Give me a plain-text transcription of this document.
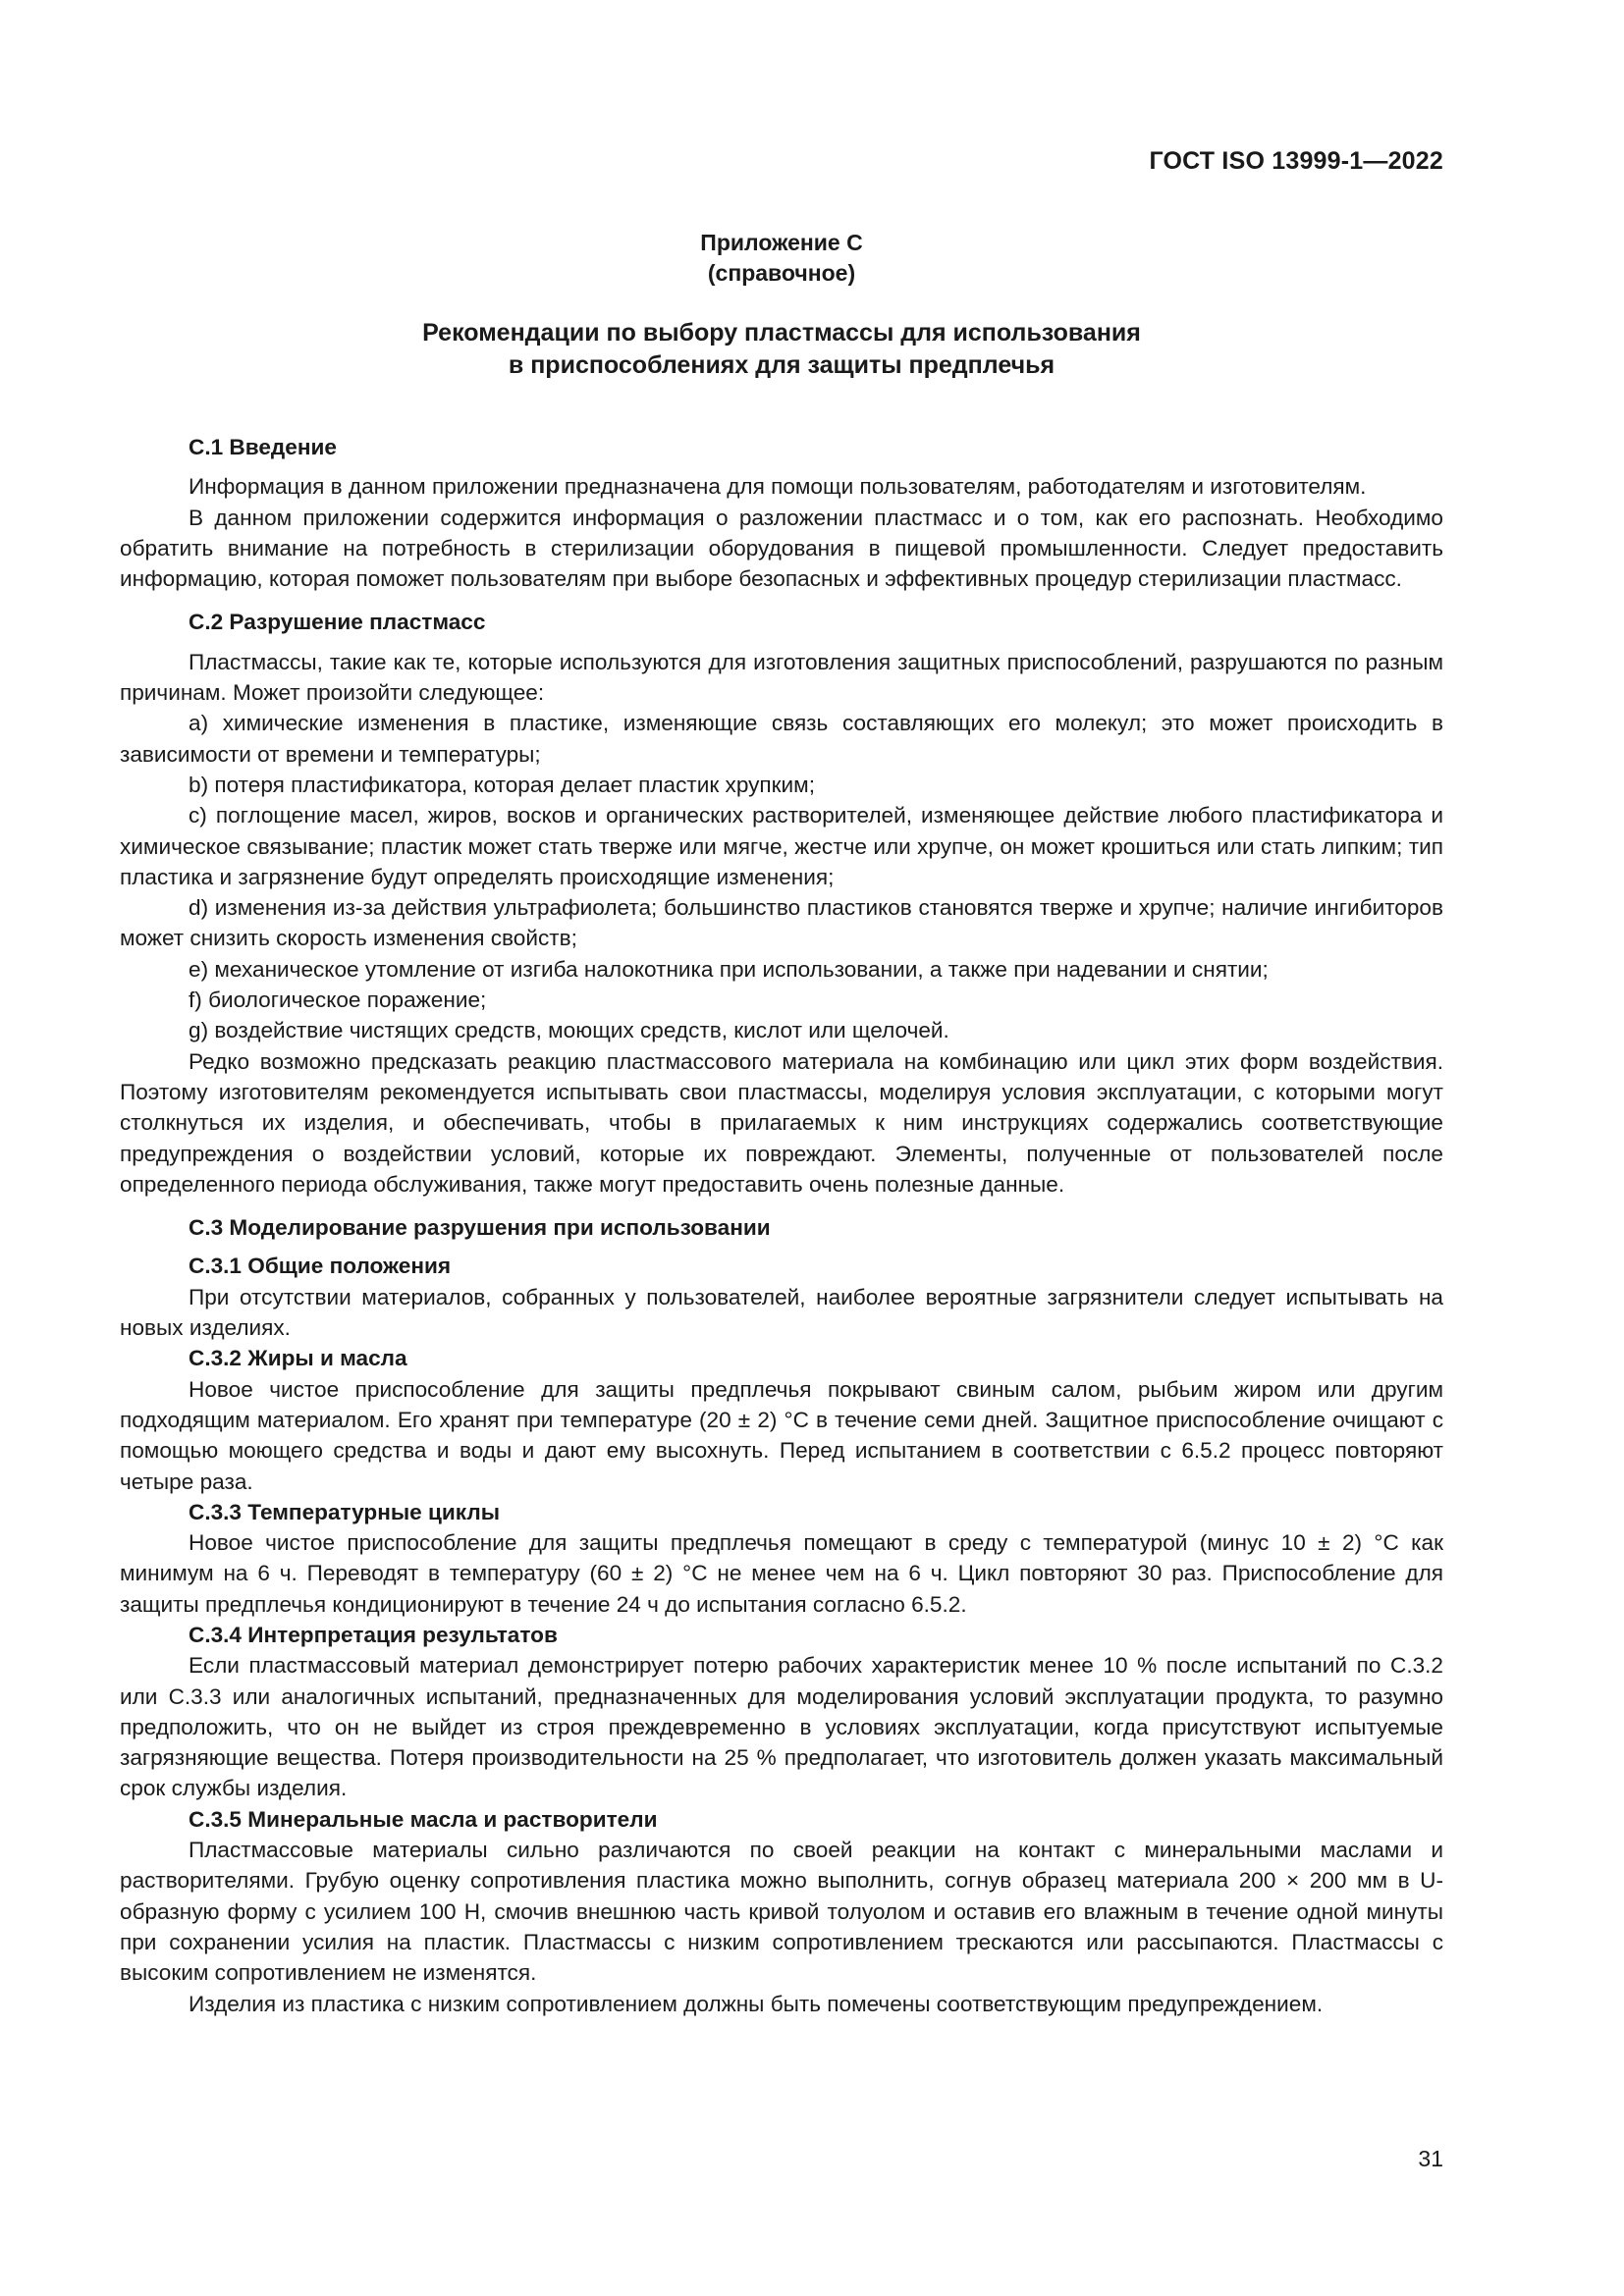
ГОСТ ISO 13999-1—2022
Приложение С
(справочное)
Рекомендации по выбору пластмассы для использования
в приспособлениях для защиты предплечья
С.1 Введение

Информация в данном приложении предназначена для помощи пользователям, работодателям и изготовителям.

В данном приложении содержится информация о разложении пластмасс и о том, как его распознать. Необходимо обратить внимание на потребность в стерилизации оборудования в пищевой промышленности. Следует предоставить информацию, которая поможет пользователям при выборе безопасных и эффективных процедур стерилизации пластмасс.

С.2 Разрушение пластмасс

Пластмассы, такие как те, которые используются для изготовления защитных приспособлений, разрушаются по разным причинам. Может произойти следующее:

a) химические изменения в пластике, изменяющие связь составляющих его молекул; это может происходить в зависимости от времени и температуры;

b) потеря пластификатора, которая делает пластик хрупким;

c) поглощение масел, жиров, восков и органических растворителей, изменяющее действие любого пластификатора и химическое связывание; пластик может стать тверже или мягче, жестче или хрупче, он может крошиться или стать липким; тип пластика и загрязнение будут определять происходящие изменения;

d) изменения из-за действия ультрафиолета; большинство пластиков становятся тверже и хрупче; наличие ингибиторов может снизить скорость изменения свойств;

e) механическое утомление от изгиба налокотника при использовании, а также при надевании и снятии;

f) биологическое поражение;

g) воздействие чистящих средств, моющих средств, кислот или щелочей.

Редко возможно предсказать реакцию пластмассового материала на комбинацию или цикл этих форм воздействия. Поэтому изготовителям рекомендуется испытывать свои пластмассы, моделируя условия эксплуатации, с которыми могут столкнуться их изделия, и обеспечивать, чтобы в прилагаемых к ним инструкциях содержались соответствующие предупреждения о воздействии условий, которые их повреждают. Элементы, полученные от пользователей после определенного периода обслуживания, также могут предоставить очень полезные данные.

С.3 Моделирование разрушения при использовании
С.3.1 Общие положения

При отсутствии материалов, собранных у пользователей, наиболее вероятные загрязнители следует испытывать на новых изделиях.

С.3.2 Жиры и масла

Новое чистое приспособление для защиты предплечья покрывают свиным салом, рыбьим жиром или другим подходящим материалом. Его хранят при температуре (20 ± 2) °С в течение семи дней. Защитное приспособление очищают с помощью моющего средства и воды и дают ему высохнуть. Перед испытанием в соответствии с 6.5.2 процесс повторяют четыре раза.

С.3.3 Температурные циклы

Новое чистое приспособление для защиты предплечья помещают в среду с температурой (минус 10 ± 2) °С как минимум на 6 ч. Переводят в температуру (60 ± 2) °С не менее чем на 6 ч. Цикл повторяют 30 раз. Приспособление для защиты предплечья кондиционируют в течение 24 ч до испытания согласно 6.5.2.

С.3.4 Интерпретация результатов

Если пластмассовый материал демонстрирует потерю рабочих характеристик менее 10 % после испытаний по С.3.2 или С.3.3 или аналогичных испытаний, предназначенных для моделирования условий эксплуатации продукта, то разумно предположить, что он не выйдет из строя преждевременно в условиях эксплуатации, когда присутствуют испытуемые загрязняющие вещества. Потеря производительности на 25 % предполагает, что изготовитель должен указать максимальный срок службы изделия.

С.3.5 Минеральные масла и растворители

Пластмассовые материалы сильно различаются по своей реакции на контакт с минеральными маслами и растворителями. Грубую оценку сопротивления пластика можно выполнить, согнув образец материала 200 × 200 мм в U-образную форму с усилием 100 Н, смочив внешнюю часть кривой толуолом и оставив его влажным в течение одной минуты при сохранении усилия на пластик. Пластмассы с низким сопротивлением трескаются или рассыпаются. Пластмассы с высоким сопротивлением не изменятся.

Изделия из пластика с низким сопротивлением должны быть помечены соответствующим предупреждением.

31
